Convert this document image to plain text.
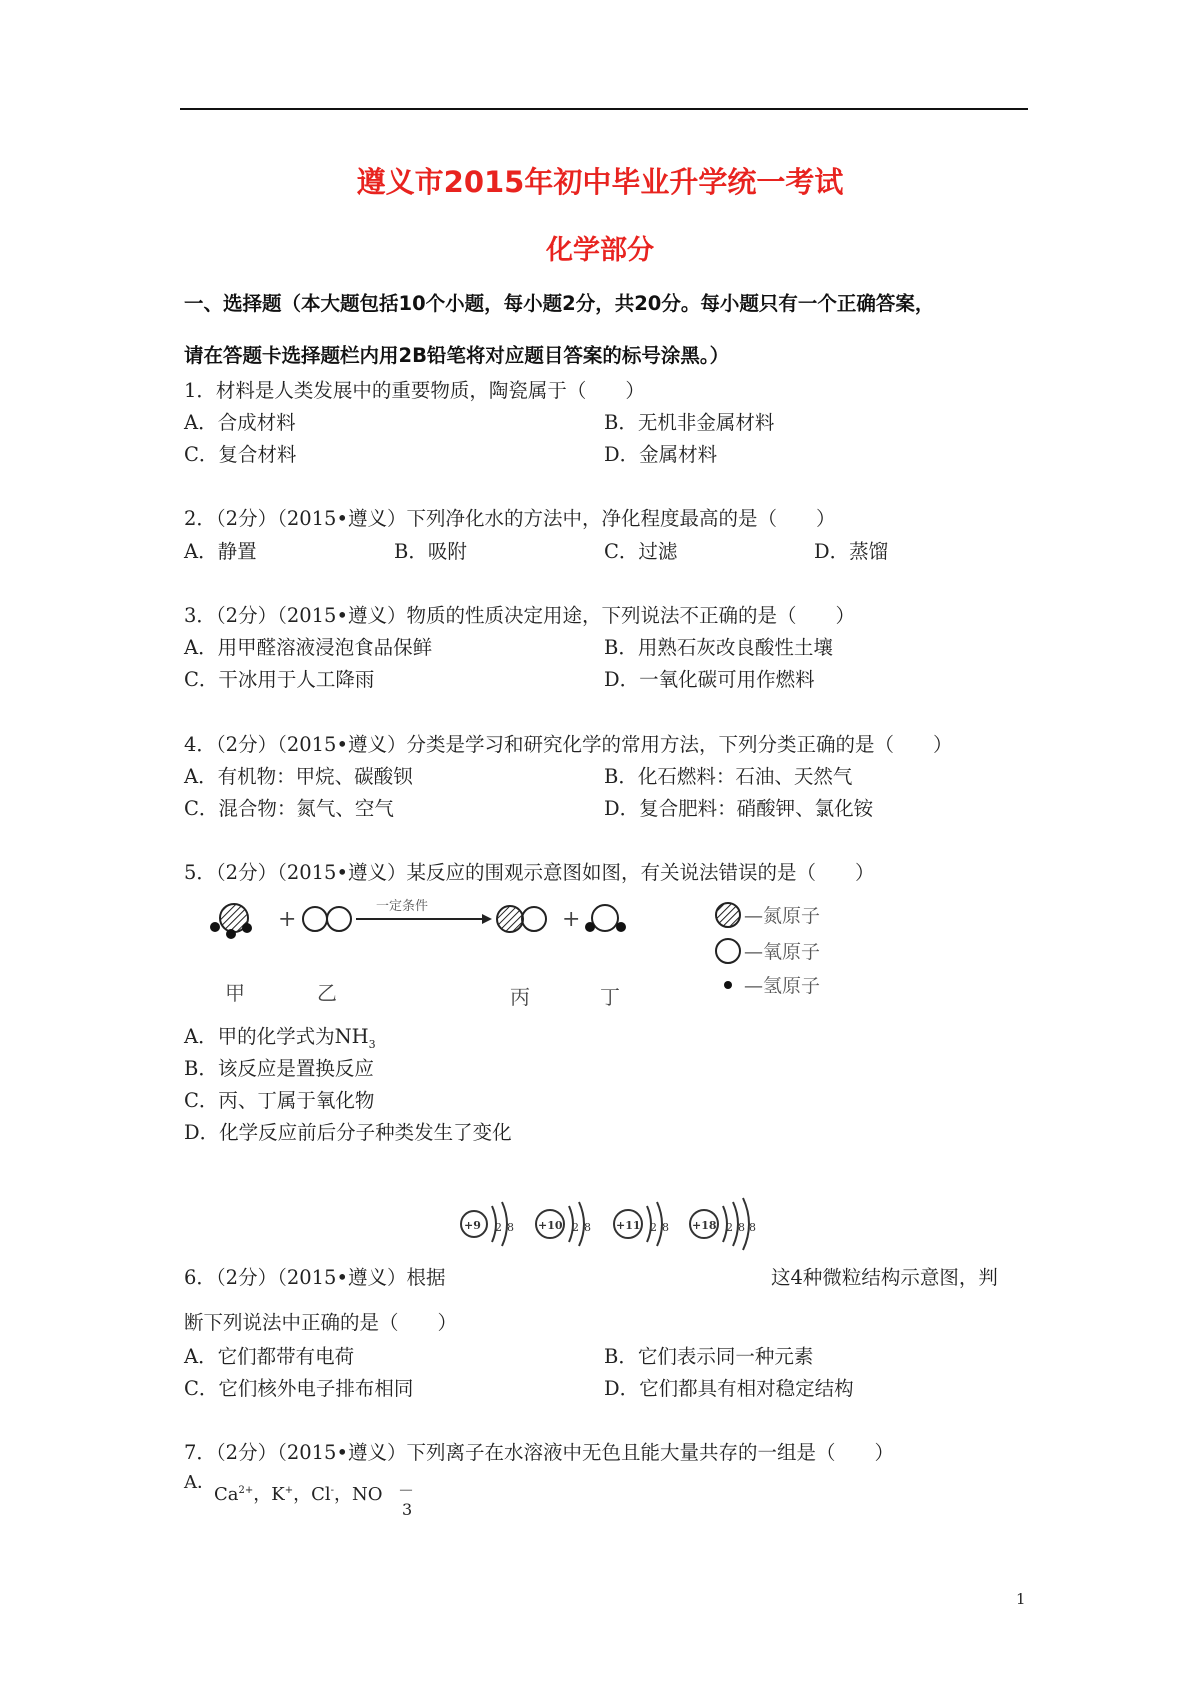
遵义市2015年初中毕业升学统一考试
化学部分
一、选择题（本大题包括10个小题，每小题2分，共20分。每小题只有一个正确答案，
请在答题卡选择题栏内用2B铅笔将对应题目答案的标号涂黑。）
1．材料是人类发展中的重要物质，陶瓷属于（　　）
A．合成材料	B．无机非金属材料
C．复合材料	D．金属材料
2．（2分）（2015•遵义）下列净化水的方法中，净化程度最高的是（　　）
A．静置	B．吸附	C．过滤	D．蒸馏
3．（2分）（2015•遵义）物质的性质决定用途，下列说法不正确的是（　　）
A．用甲醛溶液浸泡食品保鲜	B．用熟石灰改良酸性土壤
C．干冰用于人工降雨	D．一氧化碳可用作燃料
4．（2分）（2015•遵义）分类是学习和研究化学的常用方法，下列分类正确的是（　　）
A．有机物：甲烷、碳酸钡	B．化石燃料：石油、天然气
C．混合物：氮气、空气	D．复合肥料：硝酸钾、氯化铵
5．（2分）（2015•遵义）某反应的围观示意图如图，有关说法错误的是（　　）
+
一定条件
+
甲	乙	丙	丁
—氮原子
—氧原子
—氢原子
A．甲的化学式为$NH_3$
B．该反应是置换反应
C．丙、丁属于氧化物
D．化学反应前后分子种类发生了变化
+9 2 8 +10 2 8 +11 2 8 +18 2 8 8
6．（2分）（2015•遵义）根据	这4种微粒结构示意图，判
断下列说法中正确的是（　　）
A．它们都带有电荷	B．它们表示同一种元素
C．它们核外电子排布相同	D．它们都具有相对稳定结构
7．（2分）（2015•遵义）下列离子在水溶液中无色且能大量共存的一组是（　　）
A．
$Ca^{2+}$，K+，Cl-，NO －
3
1
